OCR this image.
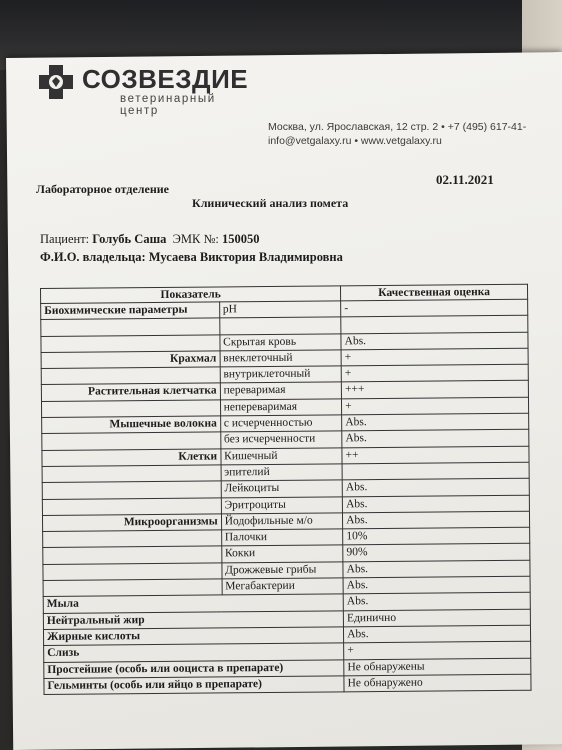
СОЗВЕЗДИЕ
ветеринарный центр
Москва, ул. Ярославская, 12 стр. 2 • +7 (495) 617-41-
info@vetgalaxy.ru • www.vetgalaxy.ru
02.11.2021
Лабораторное отделение
Клинический анализ помета
Пациент: Голубь Саша ЭМК №: 150050
Ф.И.О. владельца: Мусаева Виктория Владимировна
Показатель		Качественная оценка
Биохимические параметры	pH	-

	Скрытая кровь	Abs.
Крахмал	внеклеточный	+
	внутриклеточный	+
Растительная клетчатка	переваримая	+++
	непереваримая	+
Мышечные волокна	с исчерченностью	Abs.
	без исчерченности	Abs.
Клетки	Кишечный	++
	эпителий	
	Лейкоциты	Abs.
	Эритроциты	Abs.
Микроорганизмы	Йодофильные м/о	Abs.
	Палочки	10%
	Кокки	90%
	Дрожжевые грибы	Abs.
	Мегабактерии	Abs.
Мыла		Abs.
Нейтральный жир		Единично
Жирные кислоты		Abs.
Слизь		+
Простейшие (особь или ооциста в препарате)		Не обнаружены
Гельминты (особь или яйцо в препарате)		Не обнаружено
